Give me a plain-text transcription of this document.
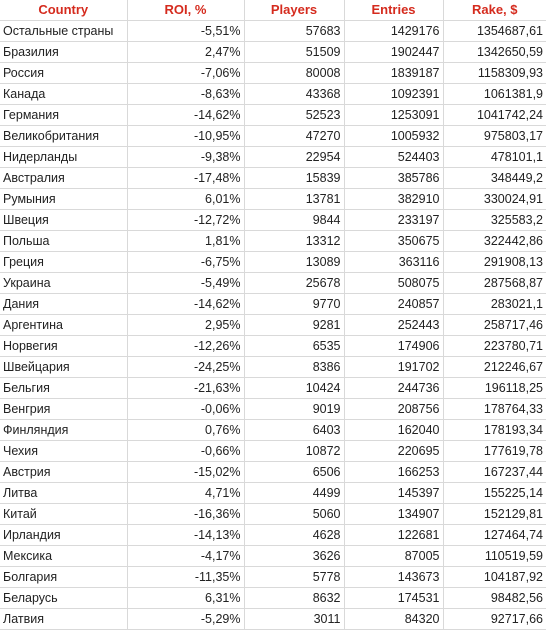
Country	ROI, %	Players	Entries	Rake, $
Остальные страны	-5,51%	57683	1429176	1354687,61
Бразилия	2,47%	51509	1902447	1342650,59
Россия	-7,06%	80008	1839187	1158309,93
Канада	-8,63%	43368	1092391	1061381,9
Германия	-14,62%	52523	1253091	1041742,24
Великобритания	-10,95%	47270	1005932	975803,17
Нидерланды	-9,38%	22954	524403	478101,1
Австралия	-17,48%	15839	385786	348449,2
Румыния	6,01%	13781	382910	330024,91
Швеция	-12,72%	9844	233197	325583,2
Польша	1,81%	13312	350675	322442,86
Греция	-6,75%	13089	363116	291908,13
Украина	-5,49%	25678	508075	287568,87
Дания	-14,62%	9770	240857	283021,1
Аргентина	2,95%	9281	252443	258717,46
Норвегия	-12,26%	6535	174906	223780,71
Швейцария	-24,25%	8386	191702	212246,67
Бельгия	-21,63%	10424	244736	196118,25
Венгрия	-0,06%	9019	208756	178764,33
Финляндия	0,76%	6403	162040	178193,34
Чехия	-0,66%	10872	220695	177619,78
Австрия	-15,02%	6506	166253	167237,44
Литва	4,71%	4499	145397	155225,14
Китай	-16,36%	5060	134907	152129,81
Ирландия	-14,13%	4628	122681	127464,74
Мексика	-4,17%	3626	87005	110519,59
Болгария	-11,35%	5778	143673	104187,92
Беларусь	6,31%	8632	174531	98482,56
Латвия	-5,29%	3011	84320	92717,66
